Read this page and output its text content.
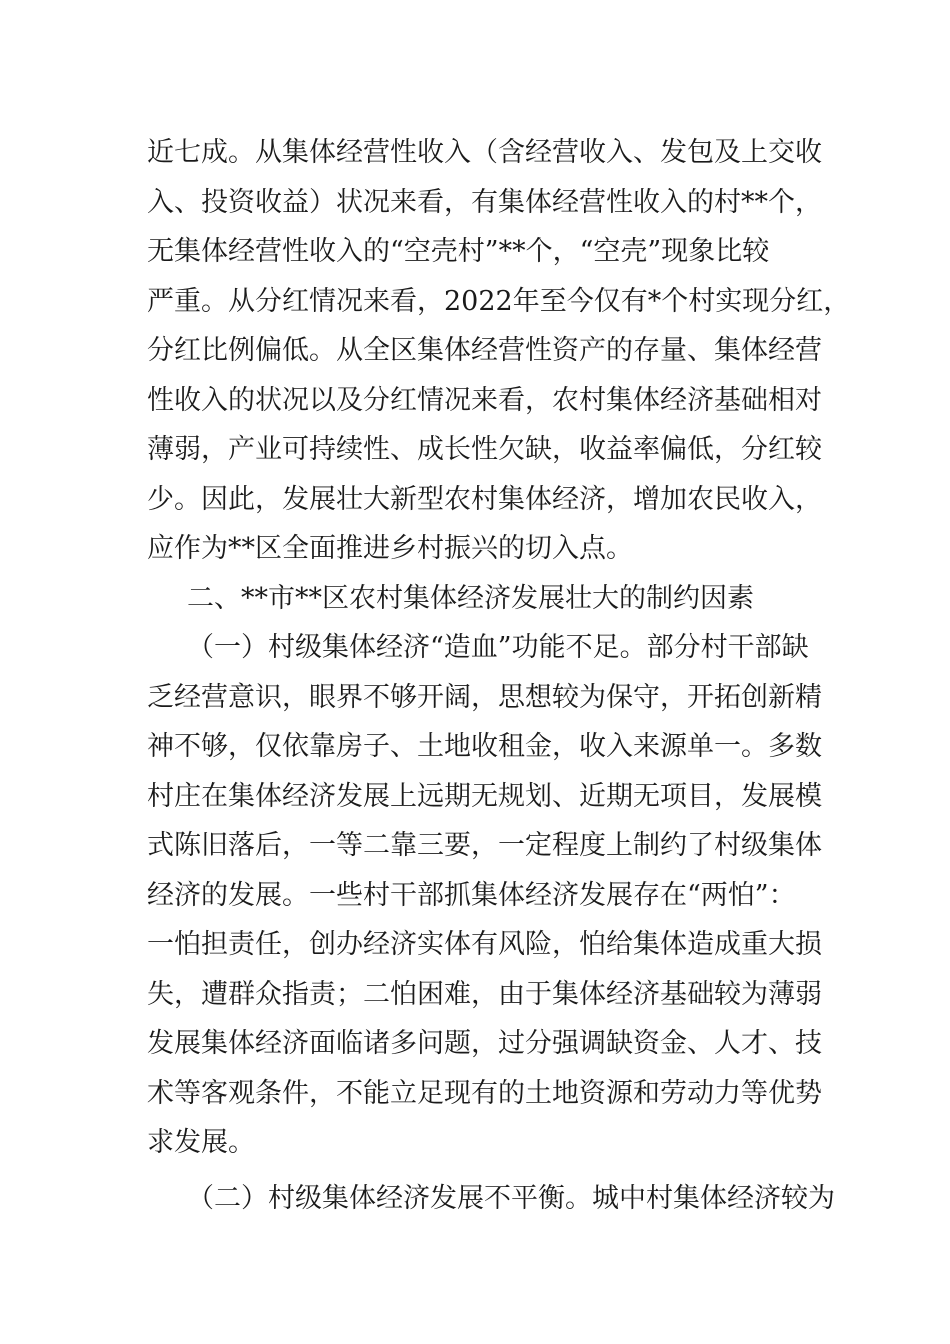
近七成。从集体经营性收入（含经营收入、发包及上交收
入、投资收益）状况来看，有集体经营性收入的村**个，
无集体经营性收入的“空壳村”**个，“空壳”现象比较
严重。从分红情况来看，2022年至今仅有*个村实现分红，
分红比例偏低。从全区集体经营性资产的存量、集体经营
性收入的状况以及分红情况来看，农村集体经济基础相对
薄弱，产业可持续性、成长性欠缺，收益率偏低，分红较
少。因此，发展壮大新型农村集体经济，增加农民收入，
应作为**区全面推进乡村振兴的切入点。
二、**市**区农村集体经济发展壮大的制约因素
（一）村级集体经济“造血”功能不足。部分村干部缺
乏经营意识，眼界不够开阔，思想较为保守，开拓创新精
神不够，仅依靠房子、土地收租金，收入来源单一。多数
村庄在集体经济发展上远期无规划、近期无项目，发展模
式陈旧落后，一等二靠三要，一定程度上制约了村级集体
经济的发展。一些村干部抓集体经济发展存在“两怕”：
一怕担责任，创办经济实体有风险，怕给集体造成重大损
失，遭群众指责；二怕困难，由于集体经济基础较为薄弱
发展集体经济面临诸多问题，过分强调缺资金、人才、技
术等客观条件，不能立足现有的土地资源和劳动力等优势
求发展。
（二）村级集体经济发展不平衡。城中村集体经济较为
